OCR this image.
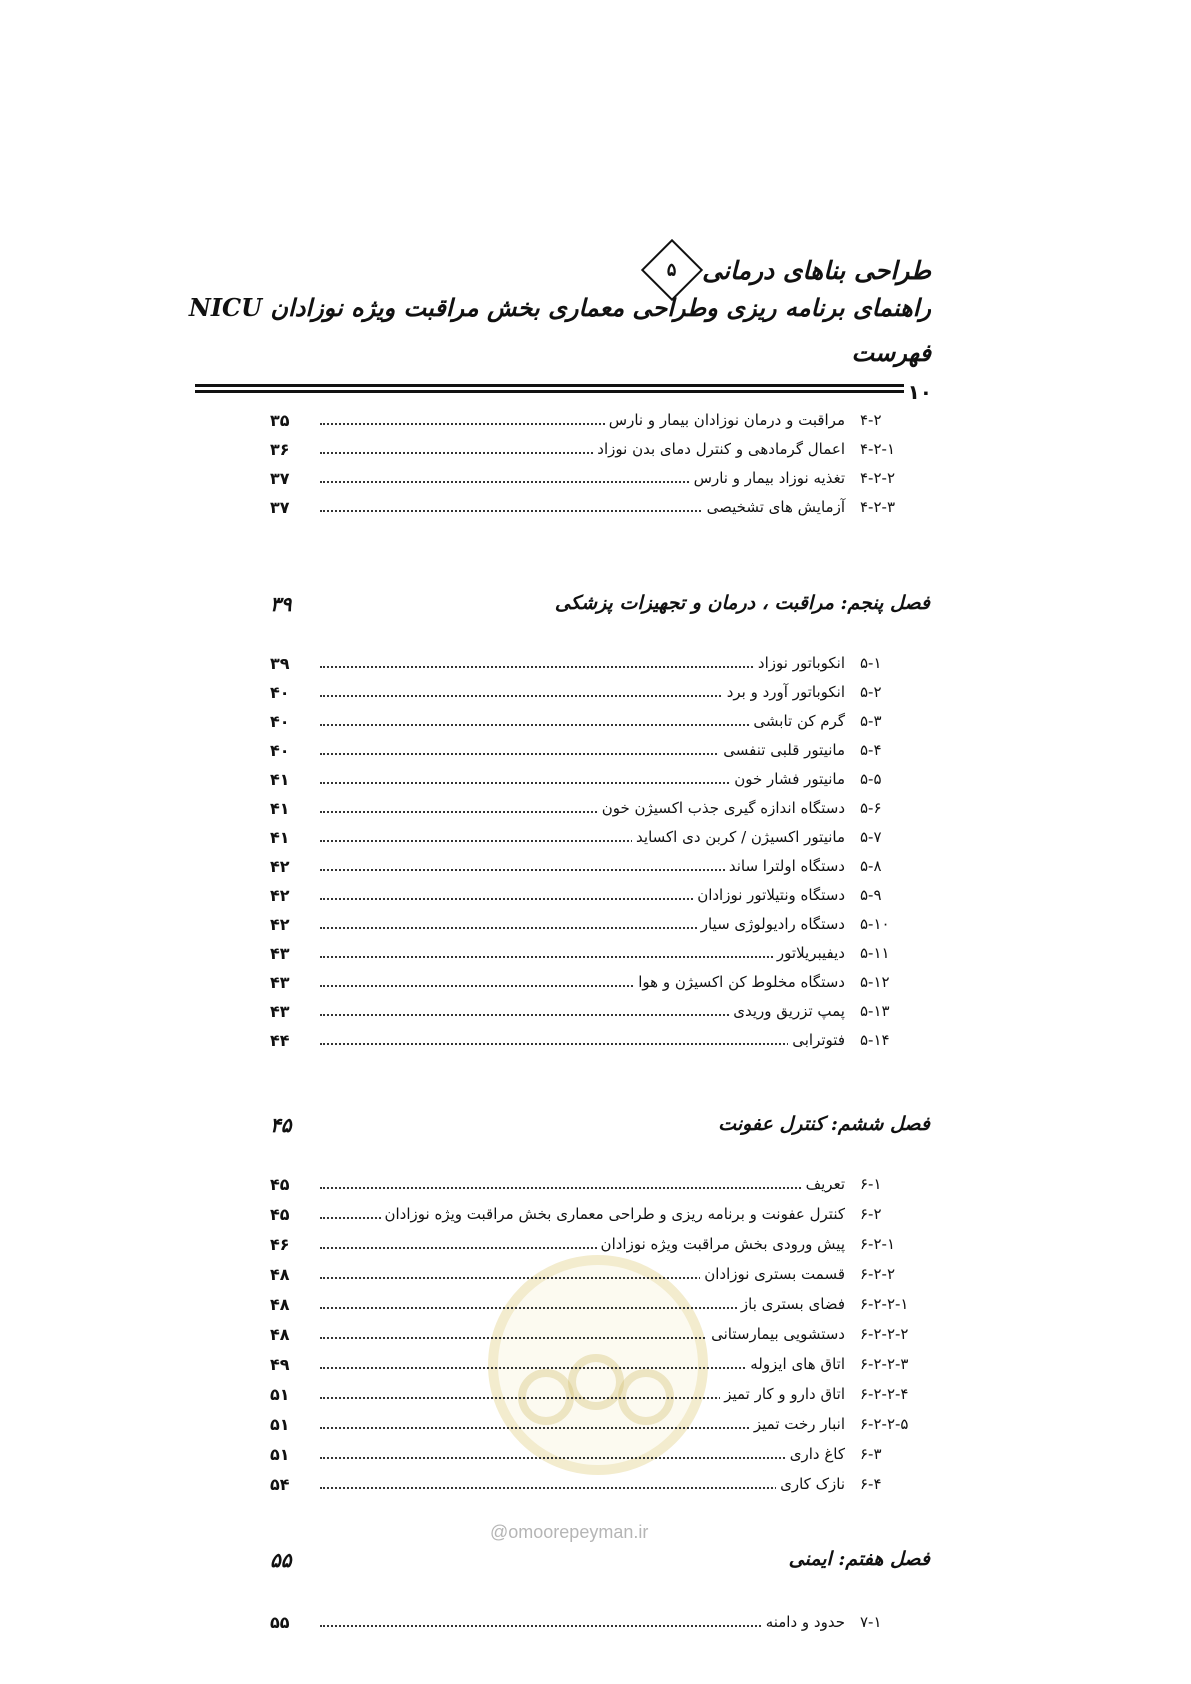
طراحی بناهای درمانی
۵
راهنمای برنامه ریزی وطراحی معماری بخش مراقبت ویژه نوزادان NICU
فهرست
۱۰
۴-۲
مراقبت و درمان نوزادان بیمار و نارس
۳۵
۴-۲-۱
اعمال گرمادهی و کنترل دمای بدن نوزاد
۳۶
۴-۲-۲
تغذیه نوزاد بیمار و نارس
۳۷
۴-۲-۳
آزمایش های تشخیصی
۳۷
فصل پنجم: مراقبت ، درمان و تجهیزات پزشکی
۳۹
۵-۱
انکوباتور نوزاد
۳۹
۵-۲
انکوباتور آورد و برد
۴۰
۵-۳
گرم کن تابشی
۴۰
۵-۴
مانیتور قلبی تنفسی
۴۰
۵-۵
مانیتور فشار خون
۴۱
۵-۶
دستگاه اندازه گیری جذب اکسیژن خون
۴۱
۵-۷
مانیتور اکسیژن / کربن دی اکساید
۴۱
۵-۸
دستگاه اولترا ساند
۴۲
۵-۹
دستگاه ونتیلاتور نوزادان
۴۲
۵-۱۰
دستگاه رادیولوژی سیار
۴۲
۵-۱۱
دیفیبریلاتور
۴۳
۵-۱۲
دستگاه مخلوط کن اکسیژن و هوا
۴۳
۵-۱۳
پمپ تزریق وریدی
۴۳
۵-۱۴
فتوترابی
۴۴
فصل ششم: کنترل عفونت
۴۵
۶-۱
تعریف
۴۵
۶-۲
کنترل عفونت و برنامه ریزی و طراحی معماری بخش مراقبت ویژه نوزادان
۴۵
۶-۲-۱
پیش ورودی بخش مراقبت ویژه نوزادان
۴۶
۶-۲-۲
قسمت بستری نوزادان
۴۸
۶-۲-۲-۱
فضای بستری باز
۴۸
۶-۲-۲-۲
دستشویی بیمارستانی
۴۸
۶-۲-۲-۳
اتاق های ایزوله
۴۹
۶-۲-۲-۴
اتاق دارو و کار تمیز
۵۱
۶-۲-۲-۵
انبار رخت تمیز
۵۱
۶-۳
کاغ داری
۵۱
۶-۴
نازک کاری
۵۴
@omoorepeyman.ir
فصل هفتم: ایمنی
۵۵
۷-۱
حدود و دامنه
۵۵
